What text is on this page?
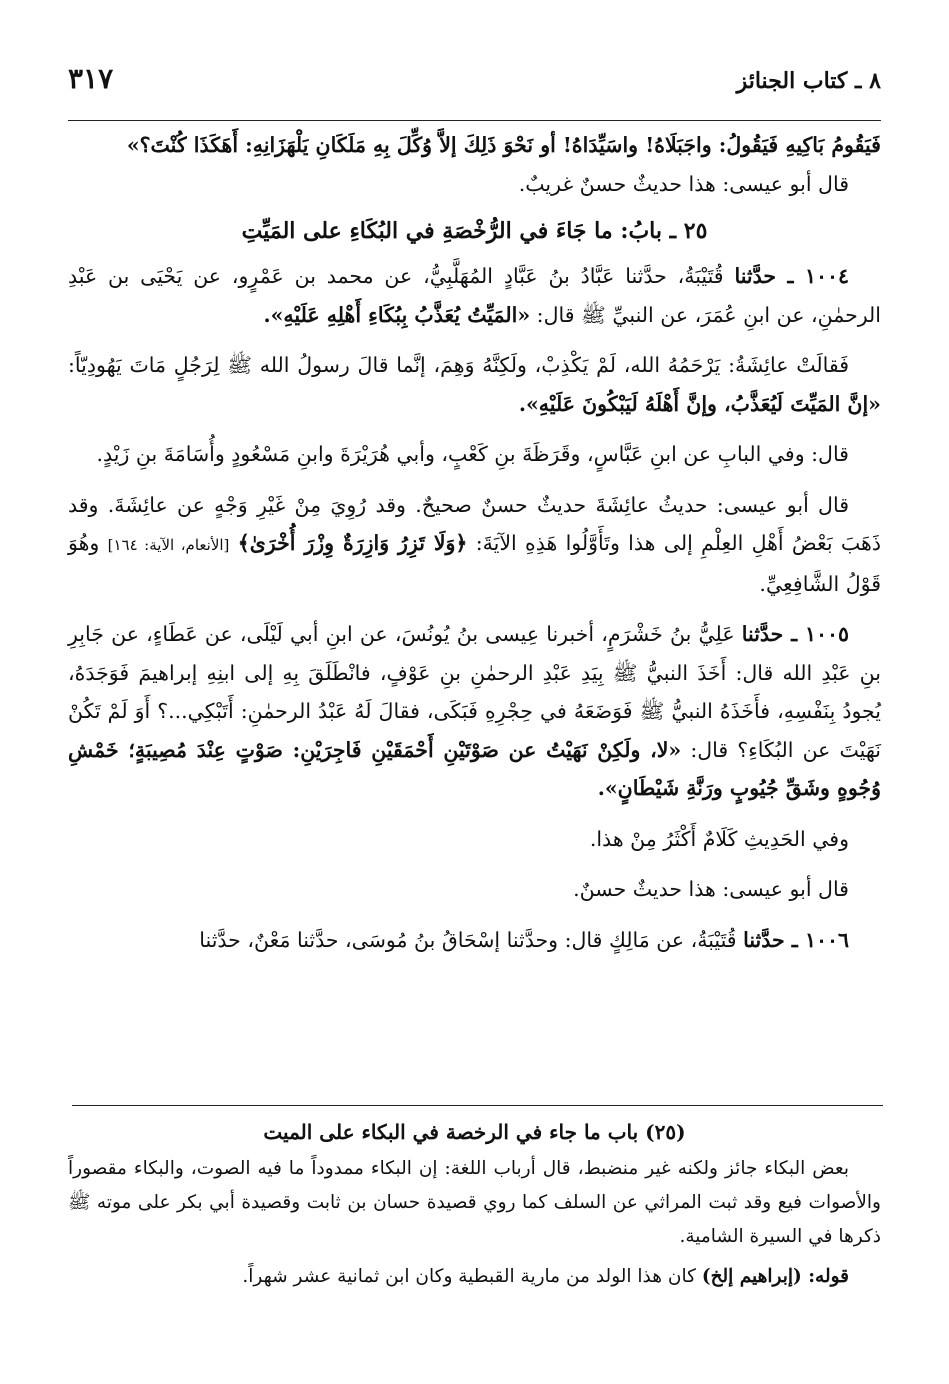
٨ ـ كتاب الجنائز
٣١٧

فَيَقُومُ بَاكِيهِ فَيَقُولُ: واجَبَلَاهُ! واسَيِّدَاهُ! أو نَحْوَ ذَلِكَ إلاَّ وُكِّلَ بِهِ مَلَكَانِ يَلْهَزَانِهِ: أَهَكَذَا كُنْتَ؟»

قال أبو عيسى: هذا حديثٌ حسنٌ غريبٌ.

٢٥ ـ بابُ: ما جَاءَ في الرُّخْصَةِ في البُكَاءِ على المَيِّتِ

١٠٠٤ ـ حدَّثنا قُتَيْبَةُ، حدَّثنا عَبَّادُ بنُ عَبَّادٍ المُهَلَّبِيُّ، عن محمد بن عَمْرٍو، عن يَحْيَى بن عَبْدِ الرحمٰنِ، عن ابنِ عُمَرَ، عن النبيِّ ﷺ قال: «المَيِّتُ يُعَذَّبُ بِبُكَاءِ أَهْلِهِ عَلَيْهِ».

فَقالَتْ عائِشَةُ: يَرْحَمُهُ الله، لَمْ يَكْذِبْ، ولَكِنَّهُ وَهِمَ، إنَّما قالَ رسولُ الله ﷺ لِرَجُلٍ مَاتَ يَهُودِيّاً: «إنَّ المَيِّتَ لَيُعَذَّبُ، وإنَّ أَهْلَهُ لَيَبْكُونَ عَلَيْهِ».

قال: وفي البابِ عن ابنِ عَبَّاسٍ، وقَرَظَةَ بنِ كَعْبٍ، وأبي هُرَيْرَةَ وابنِ مَسْعُودٍ وأُسَامَةَ بنِ زَيْدٍ.

قال أبو عيسى: حديثُ عائِشَةَ حديثٌ حسنٌ صحيحٌ. وقد رُوِيَ مِنْ غَيْرِ وَجْهٍ عن عائِشَةَ. وقد ذَهَبَ بَعْضُ أَهْلِ العِلْمِ إلى هذا وتَأَوَّلُوا هَذِهِ الآيَةَ: ﴿وَلَا تَزِرُ وَازِرَةٌ وِزْرَ أُخْرَىٰ﴾ [الأنعام، الآية: ١٦٤] وهُوَ قَوْلُ الشَّافِعِيِّ.

١٠٠٥ ـ حدَّثنا عَلِيُّ بنُ خَشْرَمٍ، أخبرنا عِيسى بنُ يُونُسَ، عن ابنِ أبي لَيْلَى، عن عَطَاءٍ، عن جَابِرِ بنِ عَبْدِ الله قال: أَخَذَ النبيُّ ﷺ بِيَدِ عَبْدِ الرحمٰنِ بنِ عَوْفٍ، فانْطَلَقَ بِهِ إلى ابنِهِ إبراهيمَ فَوَجَدَهُ، يُجودُ بِنَفْسِهِ، فأَخَذَهُ النبيُّ ﷺ فَوَضَعَهُ في حِجْرِهِ فَبَكَى، فقالَ لَهُ عَبْدُ الرحمٰنِ: أَتَبْكِي...؟ أَوَ لَمْ تَكُنْ نَهَيْتَ عن البُكَاءِ؟ قال: «لا، ولَكِنْ نَهَيْتُ عن صَوْتَيْنِ أَحْمَقَيْنِ فَاجِرَيْنِ: صَوْتٍ عِنْدَ مُصِيبَةٍ؛ خَمْشِ وُجُوهٍ وشَقِّ جُيُوبٍ ورَنَّةِ شَيْطَانٍ».

وفي الحَدِيثِ كَلَامٌ أَكْثَرُ مِنْ هذا.

قال أبو عيسى: هذا حديثٌ حسنٌ.

١٠٠٦ ـ حدَّثنا قُتَيْبَةُ، عن مَالِكٍ قال: وحدَّثنا إسْحَاقُ بنُ مُوسَى، حدَّثنا مَعْنٌ، حدَّثنا

(٢٥) باب ما جاء في الرخصة في البكاء على الميت

بعض البكاء جائز ولكنه غير منضبط، قال أرباب اللغة: إن البكاء ممدوداً ما فيه الصوت، والبكاء مقصوراً والأصوات فيع وقد ثبت المراثي عن السلف كما روي قصيدة حسان بن ثابت وقصيدة أبي بكر على موته ﷺ ذكرها في السيرة الشامية.

قوله: (إبراهيم إلخ) كان هذا الولد من مارية القبطية وكان ابن ثمانية عشر شهراً.
